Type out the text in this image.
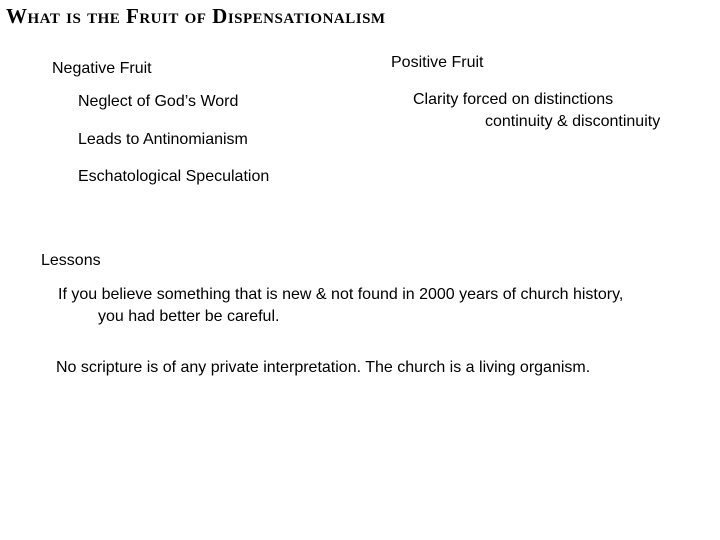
What is the Fruit of Dispensationalism
Negative Fruit
Neglect of God’s Word
Leads to Antinomianism
Eschatological Speculation
Positive Fruit
Clarity forced on distinctions
continuity & discontinuity
Lessons
If you believe something that is new & not found in 2000 years of church history,
you had better be careful.
No scripture is of any private interpretation. The church is a living organism.
